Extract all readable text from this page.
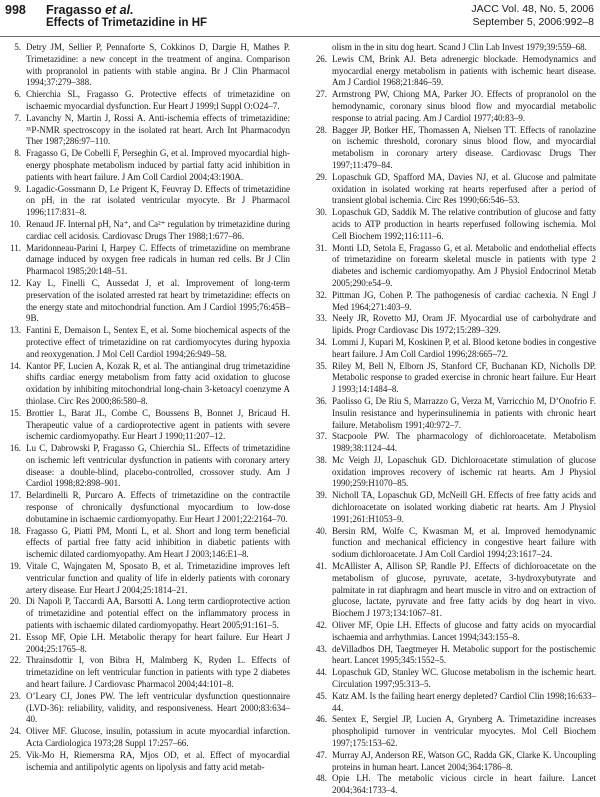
998 Fragasso et al.
Effects of Trimetazidine in HF
JACC Vol. 48, No. 5, 2006
September 5, 2006:992–8
5. Detry JM, Sellier P, Pennaforte S, Cokkinos D, Dargie H, Mathes P. Trimetazidine: a new concept in the treatment of angina. Comparison with propranolol in patients with stable angina. Br J Clin Pharmacol 1994;37:279–388.
6. Chierchia SL, Fragasso G. Protective effects of trimetazidine on ischaemic myocardial dysfunction. Eur Heart J 1999;l Suppl O:O24–7.
7. Lavanchy N, Martin J, Rossi A. Anti-ischemia effects of trimetazidine: ³¹P-NMR spectroscopy in the isolated rat heart. Arch Int Pharmacodyn Ther 1987;286:97–110.
8. Fragasso G, De Cobelli F, Perseghin G, et al. Improved myocardial high-energy phosphate metabolism induced by partial fatty acid inhibition in patients with heart failure. J Am Coll Cardiol 2004;43:190A.
9. Lagadic-Gossmann D, Le Prigent K, Feuvray D. Effects of trimetazidine on pHᵢ in the rat isolated ventricular myocyte. Br J Pharmacol 1996;117:831–8.
10. Renaud JF. Internal pH, Na⁺, and Ca²⁺ regulation by trimetazidine during cardiac cell acidosis. Cardiovasc Drugs Ther 1988;1:677–86.
11. Maridonneau-Parini I, Harpey C. Effects of trimetazidine on membrane damage induced by oxygen free radicals in human red cells. Br J Clin Pharmacol 1985;20:148–51.
12. Kay L, Finelli C, Aussedat J, et al. Improvement of long-term preservation of the isolated arrested rat heart by trimetazidine: effects on the energy state and mitochondrial function. Am J Cardiol 1995;76:45B–9B.
13. Fantini E, Demaison L, Sentex E, et al. Some biochemical aspects of the protective effect of trimetazidine on rat cardiomyocytes during hypoxia and reoxygenation. J Mol Cell Cardiol 1994;26:949–58.
14. Kantor PF, Lucien A, Kozak R, et al. The antianginal drug trimetazidine shifts cardiac energy metabolism from fatty acid oxidation to glucose oxidation by inhibiting mitochondrial long-chain 3-ketoacyl coenzyme A thiolase. Circ Res 2000;86:580–8.
15. Brottier L, Barat JL, Combe C, Boussens B, Bonnet J, Bricaud H. Therapeutic value of a cardioprotective agent in patients with severe ischemic cardiomyopathy. Eur Heart J 1990;11:207–12.
16. Lu C, Dabrowski P, Fragasso G, Chierchia SL. Effects of trimetazidine on ischemic left ventricular dysfunction in patients with coronary artery disease: a double-blind, placebo-controlled, crossover study. Am J Cardiol 1998;82:898–901.
17. Belardinelli R, Purcaro A. Effects of trimetazidine on the contractile response of chronically dysfunctional myocardium to low-dose dobutamine in ischaemic cardiomyopathy. Eur Heart J 2001;22:2164–70.
18. Fragasso G, Piatti PM, Monti L, et al. Short and long term beneficial effects of partial free fatty acid inhibition in diabetic patients with ischemic dilated cardiomyopathy. Am Heart J 2003;146:E1–8.
19. Vitale C, Wajngaten M, Sposato B, et al. Trimetazidine improves left ventricular function and quality of life in elderly patients with coronary artery disease. Eur Heart J 2004;25:1814–21.
20. Di Napoli P, Taccardi AA, Barsotti A. Long term cardioprotective action of trimetazidine and potential effect on the inflammatory process in patients with ischaemic dilated cardiomyopathy. Heart 2005;91:161–5.
21. Essop MF, Opie LH. Metabolic therapy for heart failure. Eur Heart J 2004;25:1765–8.
22. Thrainsdottir I, von Bibra H, Malmberg K, Ryden L. Effects of trimetazidine on left ventricular function in patients with type 2 diabetes and heart failure. J Cardiovasc Pharmacol 2004;44:101–8.
23. O’Leary CJ, Jones PW. The left ventricular dysfunction questionnaire (LVD-36): reliability, validity, and responsiveness. Heart 2000;83:634–40.
24. Oliver MF. Glucose, insulin, potassium in acute myocardial infarction. Acta Cardiologica 1973;28 Suppl 17:257–66.
25. Vik-Mo H, Riemersma RA, Mjos OD, et al. Effect of myocardial ischemia and antilipolytic agents on lipolysis and fatty acid metab-
olism in the in situ dog heart. Scand J Clin Lab Invest 1979;39:559–68.
26. Lewis CM, Brink AJ. Beta adrenergic blockade. Hemodynamics and myocardial energy metabolism in patients with ischemic heart disease. Am J Cardiol 1968;21:846–59.
27. Armstrong PW, Chiong MA, Parker JO. Effects of propranolol on the hemodynamic, coronary sinus blood flow and myocardial metabolic response to atrial pacing. Am J Cardiol 1977;40:83–9.
28. Bagger JP, Botker HE, Thomassen A, Nielsen TT. Effects of ranolazine on ischemic threshold, coronary sinus blood flow, and myocardial metabolism in coronary artery disease. Cardiovasc Drugs Ther 1997;11:479–84.
29. Lopaschuk GD, Spafford MA, Davies NJ, et al. Glucose and palmitate oxidation in isolated working rat hearts reperfused after a period of transient global ischemia. Circ Res 1990;66:546–53.
30. Lopaschuk GD, Saddik M. The relative contribution of glucose and fatty acids to ATP production in hearts reperfused following ischemia. Mol Cell Biochem 1992;116:111–6.
31. Monti LD, Setola E, Fragasso G, et al. Metabolic and endothelial effects of trimetazidine on forearm skeletal muscle in patients with type 2 diabetes and ischemic cardiomyopathy. Am J Physiol Endocrinol Metab 2005;290:e54–9.
32. Pittman JG, Cohen P. The pathogenesis of cardiac cachexia. N Engl J Med 1964;271:403–9.
33. Neely JR, Rovetto MJ, Oram JF. Myocardial use of carbohydrate and lipids. Progr Cardiovasc Dis 1972;15:289–329.
34. Lommi J, Kupari M, Koskinen P, et al. Blood ketone bodies in congestive heart failure. J Am Coll Cardiol 1996;28:665–72.
35. Riley M, Bell N, Elborn JS, Stanford CF, Buchanan KD, Nicholls DP. Metabolic response to graded exercise in chronic heart failure. Eur Heart J 1993;14:1484–8.
36. Paolisso G, De Riu S, Marrazzo G, Verza M, Varricchio M, D’Onofrio F. Insulin resistance and hyperinsulinemia in patients with chronic heart failure. Metabolism 1991;40:972–7.
37. Stacpoole PW. The pharmacology of dichloroacetate. Metabolism 1989;38:1124–44.
38. Mc Veigh JJ, Lopaschuk GD. Dichloroacetate stimulation of glucose oxidation improves recovery of ischemic rat hearts. Am J Physiol 1990;259:H1070–85.
39. Nicholl TA, Lopaschuk GD, McNeill GH. Effects of free fatty acids and dichloroacetate on isolated working diabetic rat hearts. Am J Physiol 1991;261:H1053–9.
40. Bersin RM, Wolfe C, Kwasman M, et al. Improved hemodynamic function and mechanical efficiency in congestive heart failure with sodium dichloroacetate. J Am Coll Cardiol 1994;23:1617–24.
41. McAllister A, Allison SP, Randle PJ. Effects of dichloroacetate on the metabolism of glucose, pyruvate, acetate, 3-hydroxybutyrate and palmitate in rat diaphragm and heart muscle in vitro and on extraction of glucose, lactate, pyruvate and free fatty acids by dog heart in vivo. Biochem J 1973;134:1067–81.
42. Oliver MF, Opie LH. Effects of glucose and fatty acids on myocardial ischaemia and arrhythmias. Lancet 1994;343:155–8.
43. deVilladbos DH, Taegtmeyer H. Metabolic support for the postischemic heart. Lancet 1995;345:1552–5.
44. Lopaschuk GD, Stanley WC. Glucose metabolism in the ischemic heart. Circulation 1997;95:313–5.
45. Katz AM. Is the failing heart energy depleted? Cardiol Clin 1998;16:633–44.
46. Sentex E, Sergiel JP, Lucien A, Grynberg A. Trimetazidine increases phospholipid turnover in ventricular myocytes. Mol Cell Biochem 1997;175:153–62.
47. Murray AJ, Anderson RE, Watson GC, Radda GK, Clarke K. Uncoupling proteins in human heart. Lancet 2004;364:1786–8.
48. Opie LH. The metabolic vicious circle in heart failure. Lancet 2004;364:1733–4.
